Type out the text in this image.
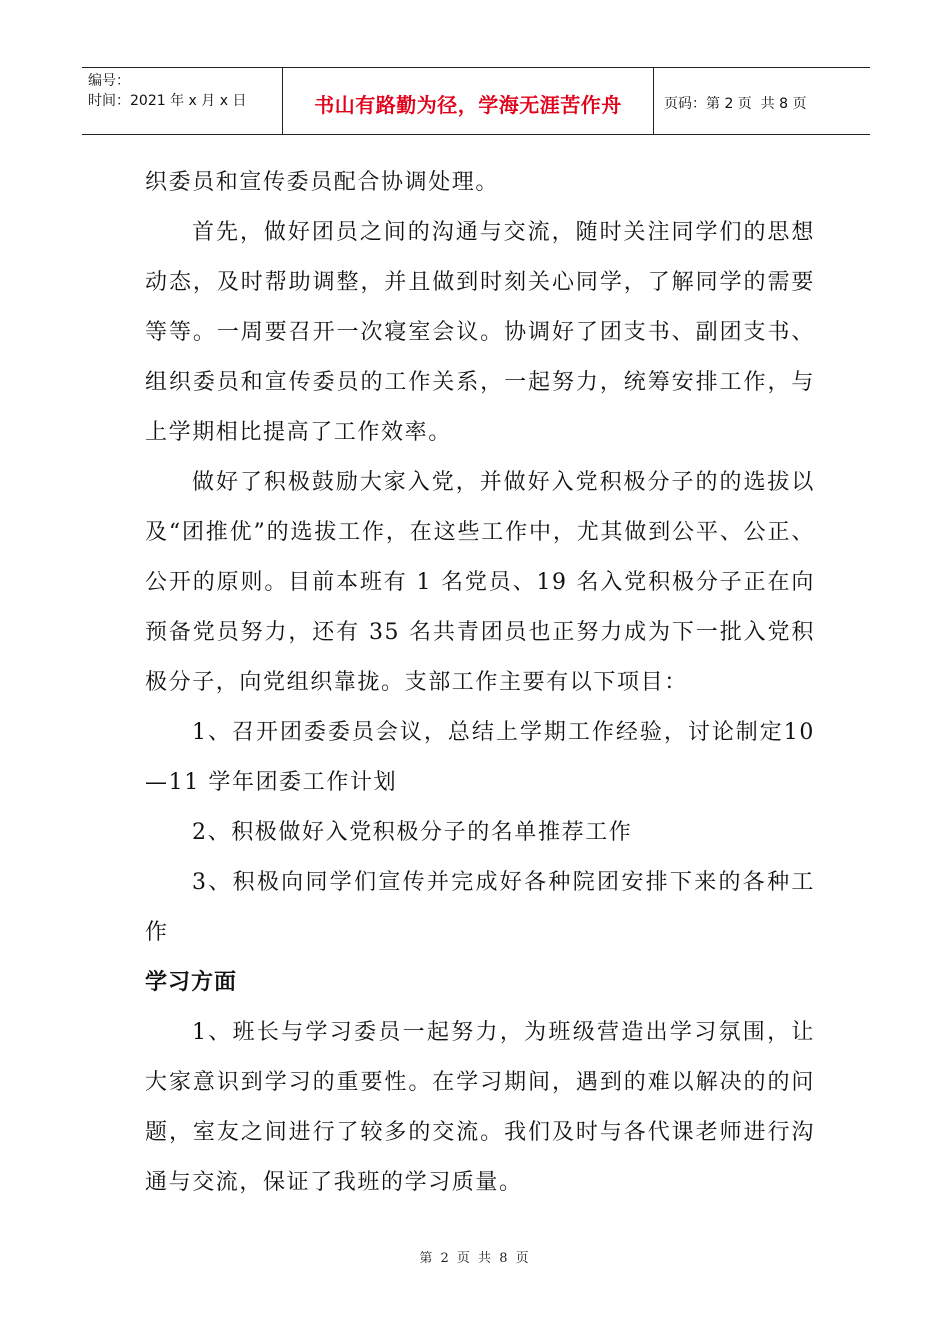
编号：
时间：2021 年 x 月 x 日	书山有路勤为径，学海无涯苦作舟	页码：第 2 页  共 8 页

织委员和宣传委员配合协调处理。

首先，做好团员之间的沟通与交流，随时关注同学们的思想动态，及时帮助调整，并且做到时刻关心同学，了解同学的需要等等。一周要召开一次寝室会议。协调好了团支书、副团支书、组织委员和宣传委员的工作关系，一起努力，统筹安排工作，与上学期相比提高了工作效率。

做好了积极鼓励大家入党，并做好入党积极分子的的选拔以及“团推优”的选拔工作，在这些工作中，尤其做到公平、公正、公开的原则。目前本班有 1 名党员、19 名入党积极分子正在向预备党员努力，还有 35 名共青团员也正努力成为下一批入党积极分子，向党组织靠拢。支部工作主要有以下项目：

1、召开团委委员会议，总结上学期工作经验，讨论制定10—11 学年团委工作计划

2、积极做好入党积极分子的名单推荐工作

3、积极向同学们宣传并完成好各种院团安排下来的各种工作

学习方面

1、班长与学习委员一起努力，为班级营造出学习氛围，让大家意识到学习的重要性。在学习期间，遇到的难以解决的的问题，室友之间进行了较多的交流。我们及时与各代课老师进行沟通与交流，保证了我班的学习质量。

第 2 页 共 8 页
